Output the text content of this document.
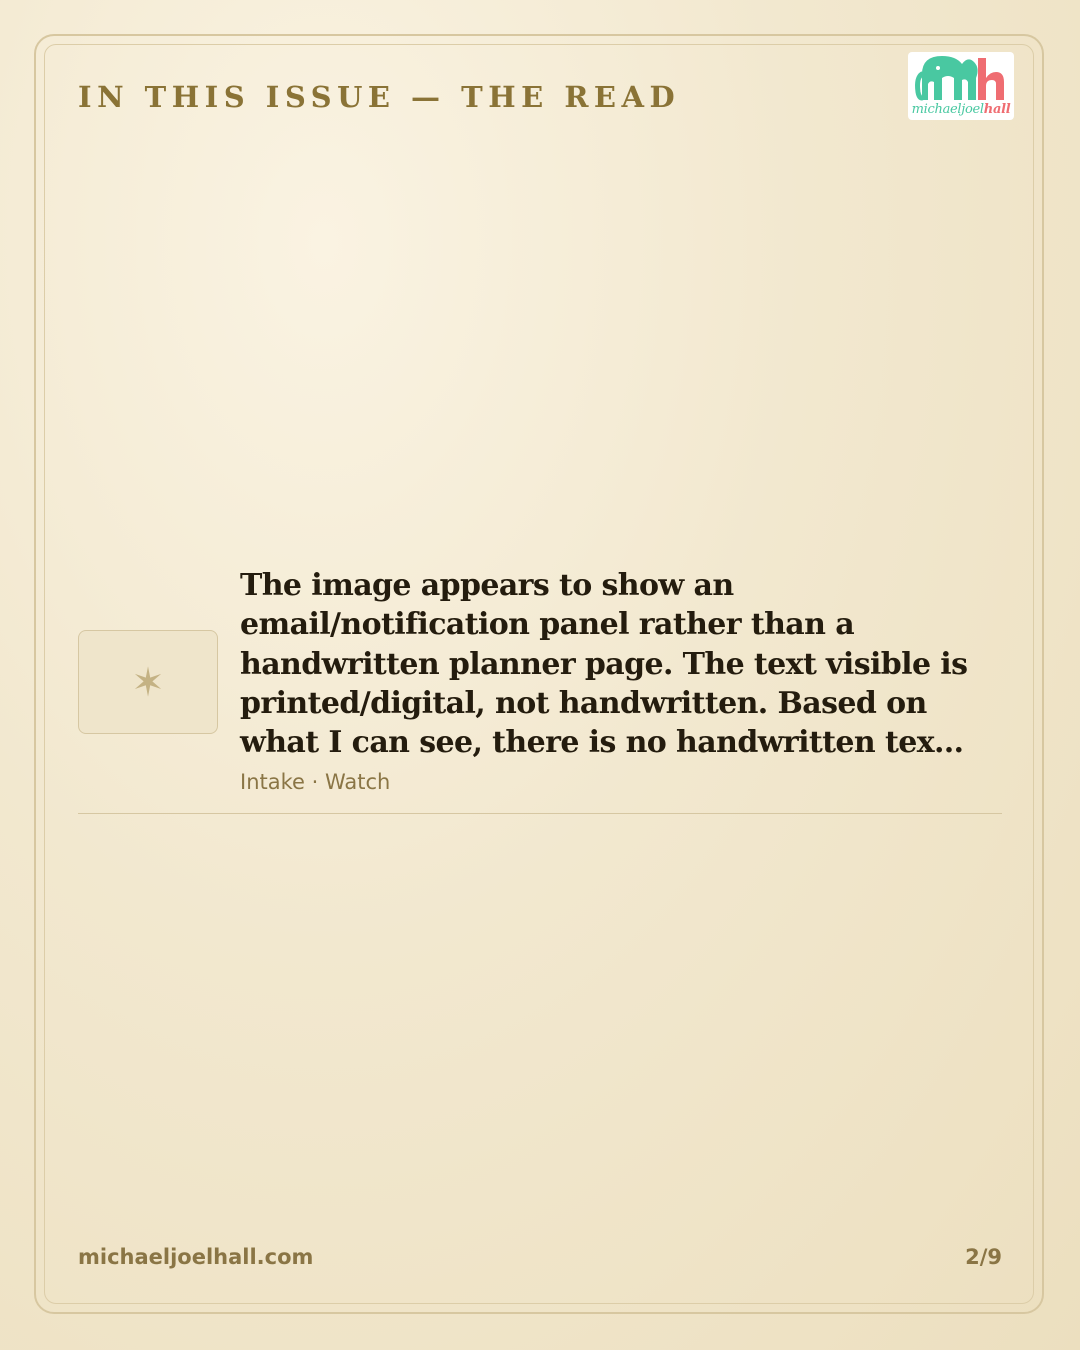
IN THIS ISSUE — THE READ	michaeljoelhall
✶
The image appears to show an email/notification panel rather than a handwritten planner page. The text visible is printed/digital, not handwritten. Based on what I can see, there is no handwritten tex…

Intake · Watch

michaeljoelhall.com	2/9
